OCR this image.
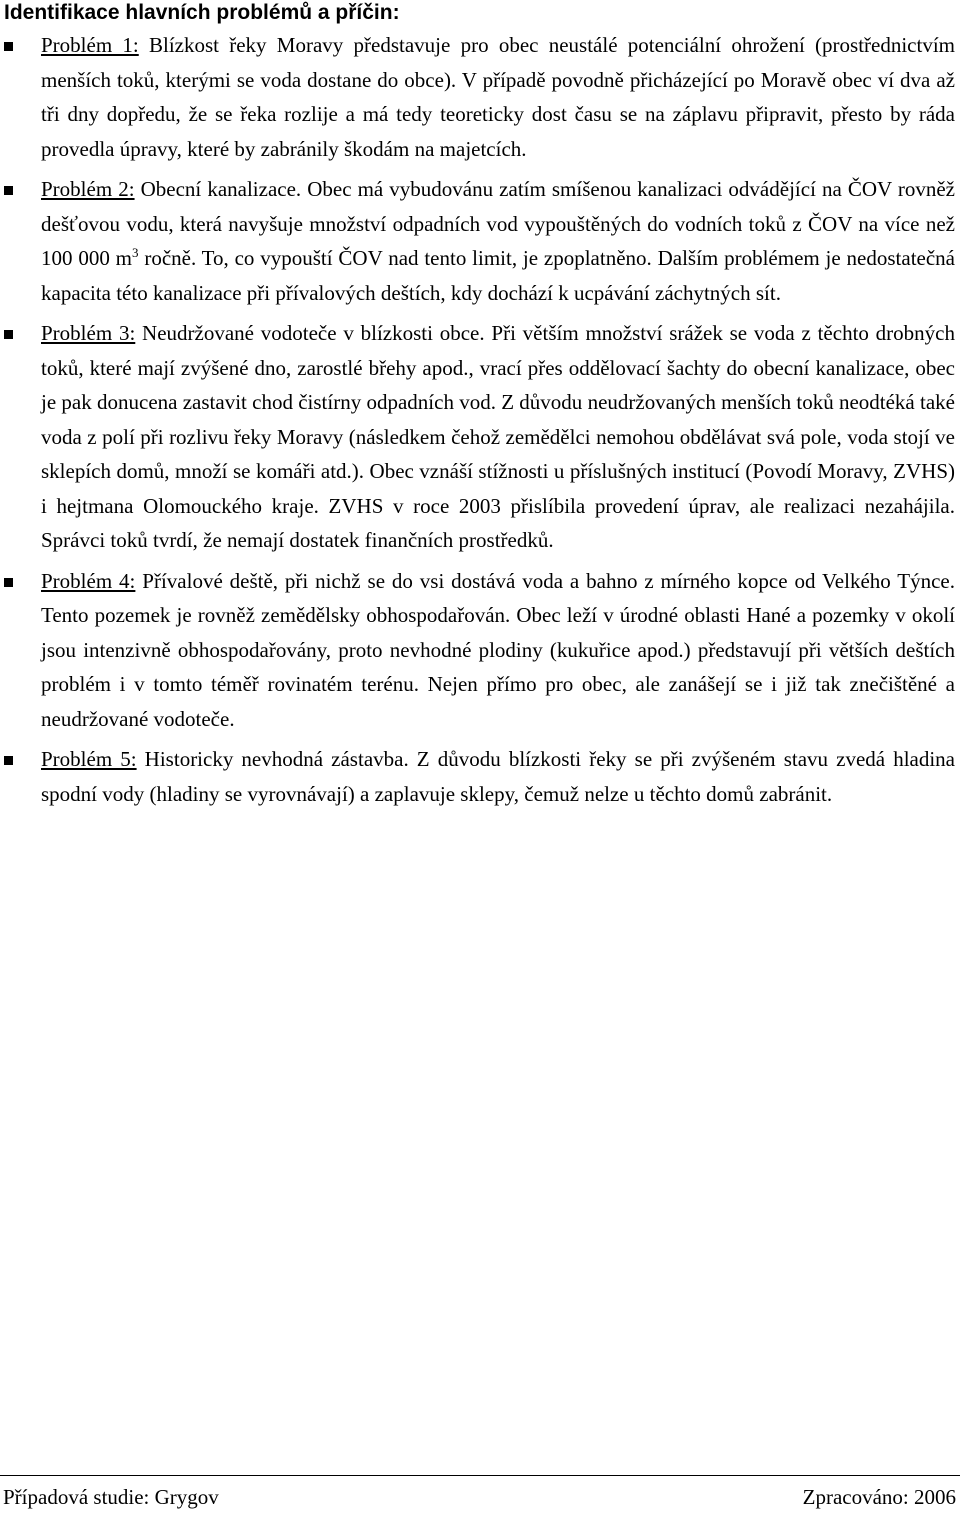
Identifikace hlavních problémů a příčin:
Problém 1: Blízkost řeky Moravy představuje pro obec neustálé potenciální ohrožení (prostřednictvím menších toků, kterými se voda dostane do obce). V případě povodně přicházející po Moravě obec ví dva až tři dny dopředu, že se řeka rozlije a má tedy teoreticky dost času se na záplavu připravit, přesto by ráda provedla úpravy, které by zabránily škodám na majetcích.
Problém 2: Obecní kanalizace. Obec má vybudovánu zatím smíšenou kanalizaci odvádějící na ČOV rovněž dešťovou vodu, která navyšuje množství odpadních vod vypouštěných do vodních toků z ČOV na více než 100 000 $m^3$ ročně. To, co vypouští ČOV nad tento limit, je zpoplatněno. Dalším problémem je nedostatečná kapacita této kanalizace při přívalových deštích, kdy dochází k ucpávání záchytných sít.
Problém 3: Neudržované vodoteče v blízkosti obce. Při větším množství srážek se voda z těchto drobných toků, které mají zvýšené dno, zarostlé břehy apod., vrací přes oddělovací šachty do obecní kanalizace, obec je pak donucena zastavit chod čistírny odpadních vod. Z důvodu neudržovaných menších toků neodtéká také voda z polí při rozlivu řeky Moravy (následkem čehož zemědělci nemohou obdělávat svá pole, voda stojí ve sklepích domů, množí se komáři atd.). Obec vznáší stížnosti u příslušných institucí (Povodí Moravy, ZVHS) i hejtmana Olomouckého kraje. ZVHS v roce 2003 přislíbila provedení úprav, ale realizaci nezahájila. Správci toků tvrdí, že nemají dostatek finančních prostředků.
Problém 4: Přívalové deště, při nichž se do vsi dostává voda a bahno z mírného kopce od Velkého Týnce. Tento pozemek je rovněž zemědělsky obhospodařován. Obec leží v úrodné oblasti Hané a pozemky v okolí jsou intenzivně obhospodařovány, proto nevhodné plodiny (kukuřice apod.) představují při větších deštích problém i v tomto téměř rovinatém terénu. Nejen přímo pro obec, ale zanášejí se i již tak znečištěné a neudržované vodoteče.
Problém 5: Historicky nevhodná zástavba. Z důvodu blízkosti řeky se při zvýšeném stavu zvedá hladina spodní vody (hladiny se vyrovnávají) a zaplavuje sklepy, čemuž nelze u těchto domů zabránit.
Případová studie: Grygov	Zpracováno: 2006
